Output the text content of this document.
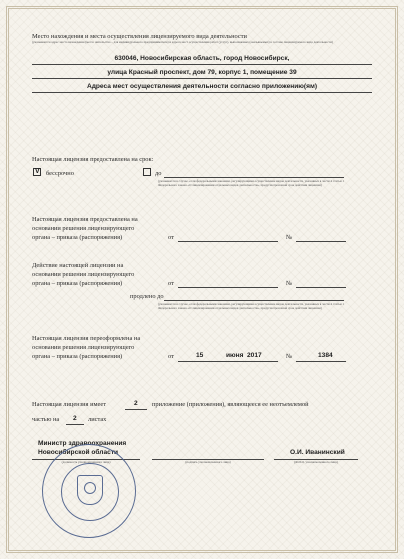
Место нахождения и места осуществления лицензируемого вида деятельности
(указываются адрес места нахождения (место жительства – для индивидуального предпринимателя) и адреса мест осуществления работ (услуг), выполняемых (оказываемых) в составе лицензируемого вида деятельности)
630046, Новосибирская область, город Новосибирск,
улица Красный проспект, дом 79, корпус 1, помещение 39
Адреса мест осуществления деятельности согласно приложению(ям)
Настоящая лицензия предоставлена на срок:
V бессрочно	до
(указывается в случае, если федеральными законами, регулирующими осуществление видов деятельности, указанных в части 4 статьи 1 Федерального закона «О лицензировании отдельных видов деятельности», предусмотрен иной срок действия лицензии)
Настоящая лицензия предоставлена на
основании решения лицензирующего
органа – приказа (распоряжения)	от	№
Действие настоящей лицензии на
основании решения лицензирующего
органа – приказа (распоряжения)	от	№
продлено до
(указывается в случае, если федеральными законами, регулирующими осуществление видов деятельности, указанных в части 4 статьи 1 Федерального закона «О лицензировании отдельных видов деятельности», предусмотрен иной срок действия лицензии)
Настоящая лицензия переоформлена на
основании решения лицензирующего
органа – приказа (распоряжения)	от	15	июня 2017	№	1384
Настоящая лицензия имеет	2 приложение (приложения), являющееся ее неотъемлемой
частью на 2 листах
Министр здравоохранения
Новосибирской области
(должность уполномоченного лица)	(подпись уполномоченного лица)
О.И. Иванинский
(Ф.И.О. уполномоченного лица)
